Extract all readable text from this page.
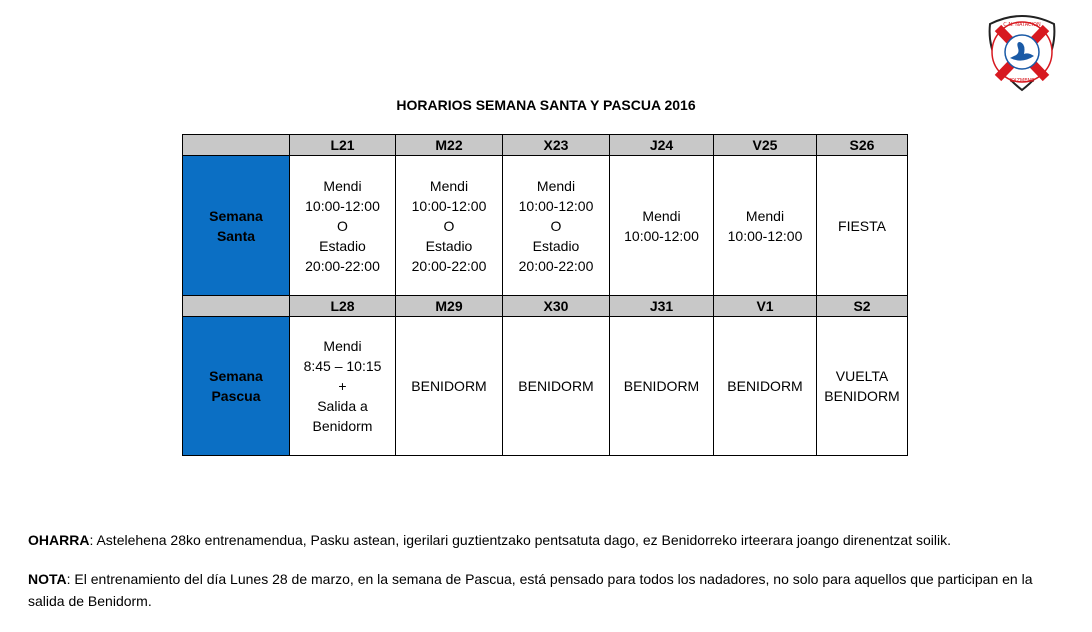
C.N. NATACION
IDIZMENE
HORARIOS SEMANA SANTA Y PASCUA 2016
	L21	M22	X23	J24	V25	S26

Semana
Santa	Mendi
10:00-12:00
O
Estadio
20:00-22:00	Mendi
10:00-12:00
O
Estadio
20:00-22:00	Mendi
10:00-12:00
O
Estadio
20:00-22:00	Mendi
10:00-12:00	Mendi
10:00-12:00	FIESTA

	L28	M29	X30	J31	V1	S2

Semana
Pascua	Mendi
8:45 – 10:15
+
Salida a
Benidorm	BENIDORM	BENIDORM	BENIDORM	BENIDORM	VUELTA
BENIDORM
OHARRA: Astelehena 28ko entrenamendua, Pasku astean, igerilari guztientzako pentsatuta dago, ez Benidorreko irteerara joango direnentzat soilik.
NOTA: El entrenamiento del día Lunes 28 de marzo, en la semana de Pascua, está pensado para todos los nadadores, no solo para aquellos que participan en la salida de Benidorm.
